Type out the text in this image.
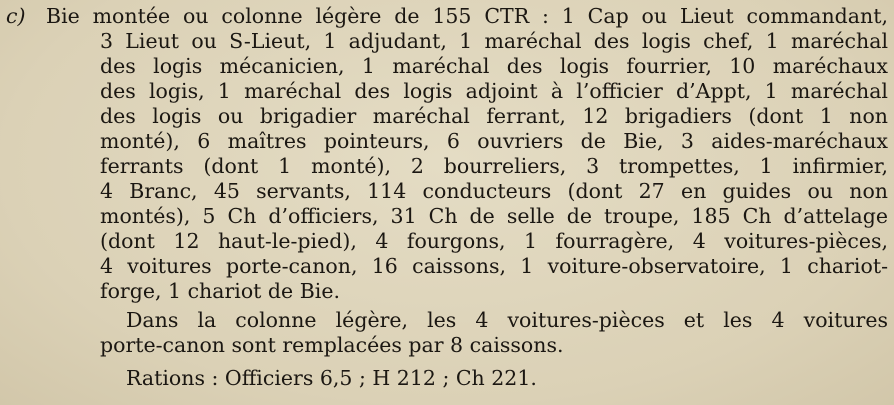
c) Bie montée ou colonne légère de 155 CTR : 1 Cap ou Lieut commandant,
3 Lieut ou S-Lieut, 1 adjudant, 1 maréchal des logis chef, 1 maréchal
des logis mécanicien, 1 maréchal des logis fourrier, 10 maréchaux
des logis, 1 maréchal des logis adjoint à l’officier d’Appt, 1 maréchal
des logis ou brigadier maréchal ferrant, 12 brigadiers (dont 1 non
monté), 6 maîtres pointeurs, 6 ouvriers de Bie, 3 aides-maréchaux
ferrants (dont 1 monté), 2 bourreliers, 3 trompettes, 1 infirmier,
4 Branc, 45 servants, 114 conducteurs (dont 27 en guides ou non
montés), 5 Ch d’officiers, 31 Ch de selle de troupe, 185 Ch d’attelage
(dont 12 haut-le-pied), 4 fourgons, 1 fourragère, 4 voitures-pièces,
4 voitures porte-canon, 16 caissons, 1 voiture-observatoire, 1 chariot-
forge, 1 chariot de Bie.
Dans la colonne légère, les 4 voitures-pièces et les 4 voitures
porte-canon sont remplacées par 8 caissons.
Rations : Officiers 6,5 ; H 212 ; Ch 221.
